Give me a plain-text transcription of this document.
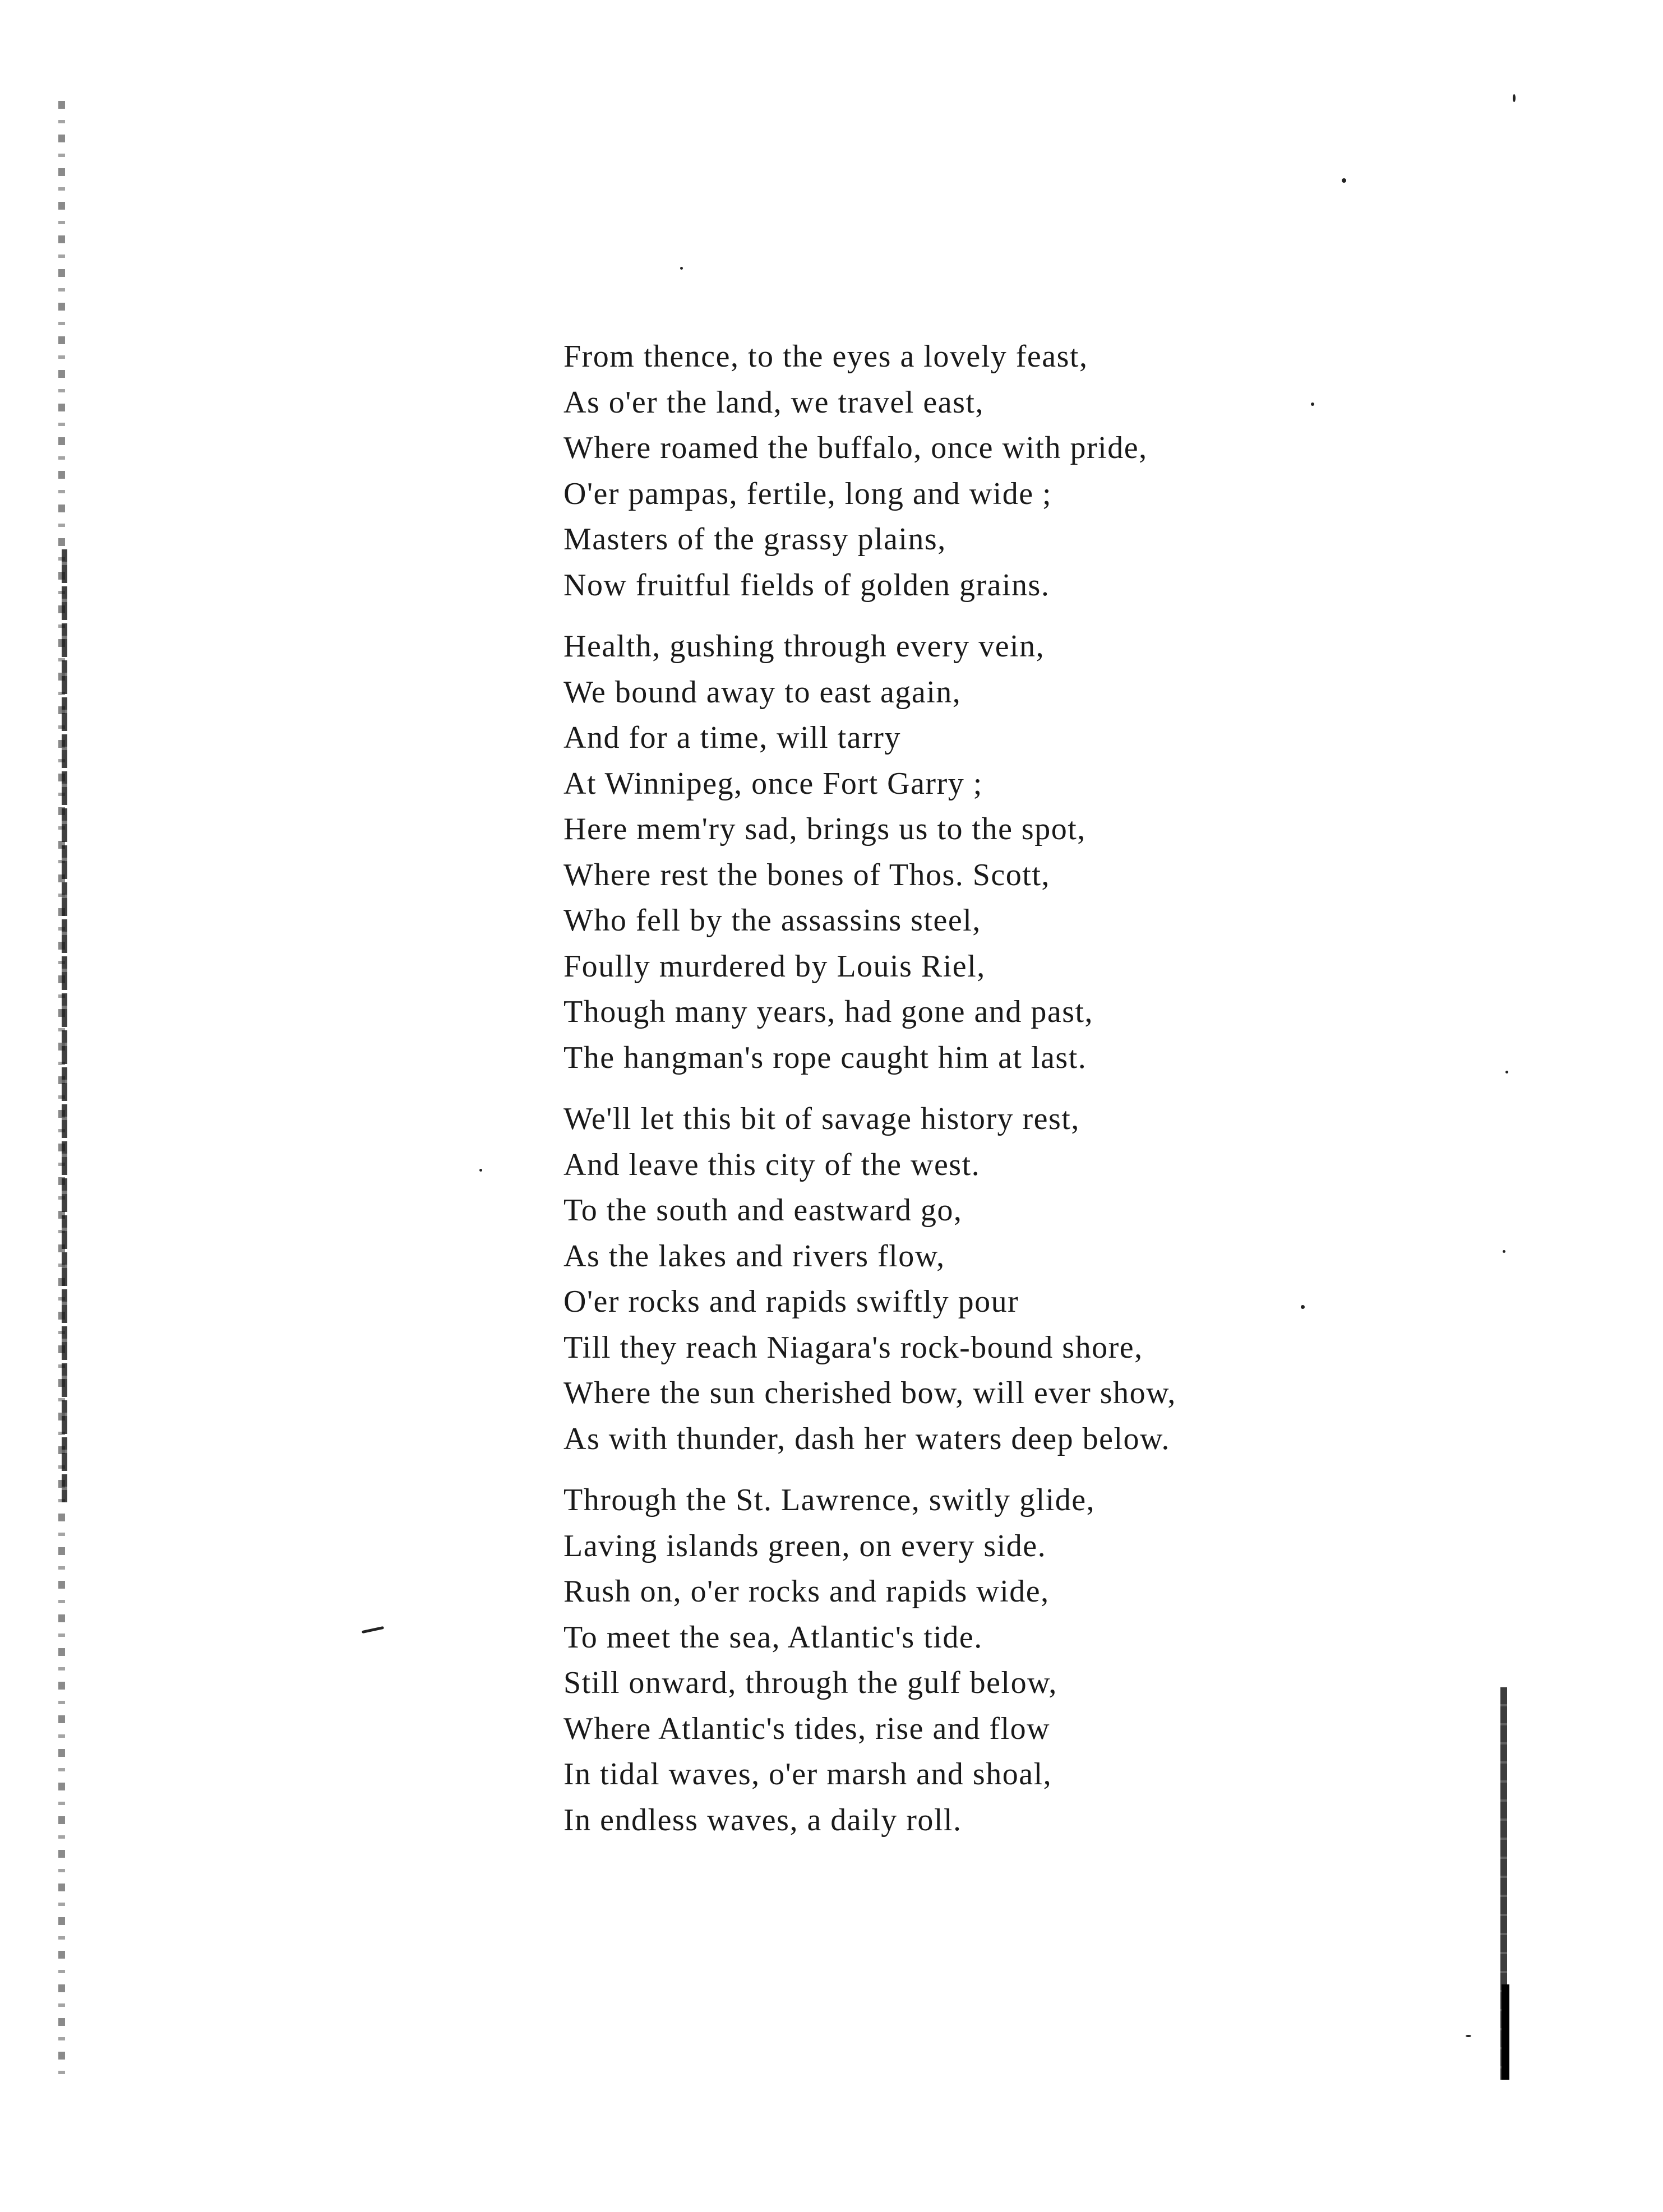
From thence, to the eyes a lovely feast,
As o'er the land, we travel east,
Where roamed the buffalo, once with pride,
O'er pampas, fertile, long and wide ;
Masters of the grassy plains,
Now fruitful fields of golden grains.
Health, gushing through every vein,
We bound away to east again,
And for a time, will tarry
At Winnipeg, once Fort Garry ;
Here mem'ry sad, brings us to the spot,
Where rest the bones of Thos. Scott,
Who fell by the assassins steel,
Foully murdered by Louis Riel,
Though many years, had gone and past,
The hangman's rope caught him at last.
We'll let this bit of savage history rest,
And leave this city of the west.
To the south and eastward go,
As the lakes and rivers flow,
O'er rocks and rapids swiftly pour
Till they reach Niagara's rock-bound shore,
Where the sun cherished bow, will ever show,
As with thunder, dash her waters deep below.
Through the St. Lawrence, switly glide,
Laving islands green, on every side.
Rush on, o'er rocks and rapids wide,
To meet the sea, Atlantic's tide.
Still onward, through the gulf below,
Where Atlantic's tides, rise and flow
In tidal waves, o'er marsh and shoal,
In endless waves, a daily roll.
